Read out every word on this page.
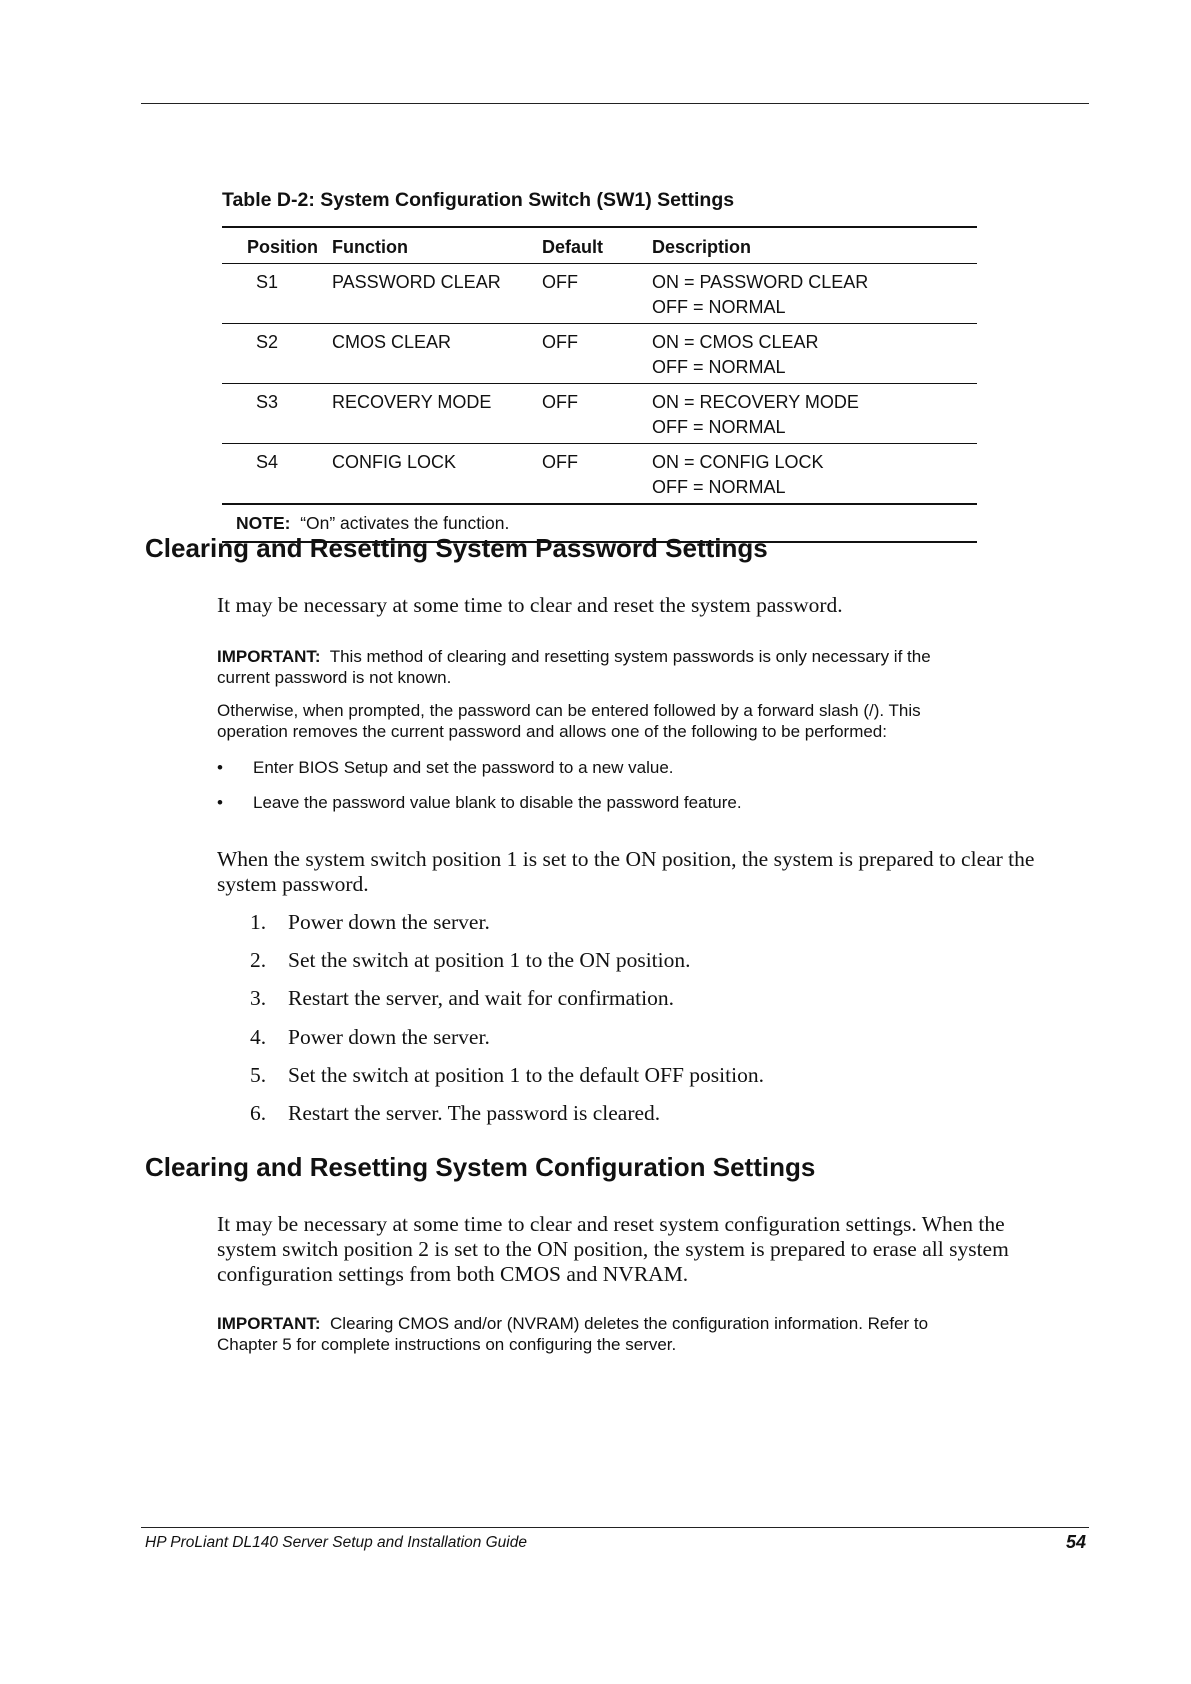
Table D-2: System Configuration Switch (SW1) Settings
Position	Function	Default	Description
S1	PASSWORD CLEAR	OFF	ON = PASSWORD CLEAR
OFF = NORMAL

S2	CMOS CLEAR	OFF	ON = CMOS CLEAR
OFF = NORMAL

S3	RECOVERY MODE	OFF	ON = RECOVERY MODE
OFF = NORMAL

S4	CONFIG LOCK	OFF	ON = CONFIG LOCK
OFF = NORMAL

NOTE: “On” activates the function.			
Clearing and Resetting System Password Settings

It may be necessary at some time to clear and reset the system password.

IMPORTANT: This method of clearing and resetting system passwords is only necessary if the current password is not known.

Otherwise, when prompted, the password can be entered followed by a forward slash (/). This operation removes the current password and allows one of the following to be performed:

• Enter BIOS Setup and set the password to a new value.
• Leave the password value blank to disable the password feature.

When the system switch position 1 is set to the ON position, the system is prepared to clear the system password.

1. Power down the server.
2. Set the switch at position 1 to the ON position.
3. Restart the server, and wait for confirmation.
4. Power down the server.
5. Set the switch at position 1 to the default OFF position.
6. Restart the server. The password is cleared.
Clearing and Resetting System Configuration Settings

It may be necessary at some time to clear and reset system configuration settings. When the system switch position 2 is set to the ON position, the system is prepared to erase all system configuration settings from both CMOS and NVRAM.

IMPORTANT: Clearing CMOS and/or (NVRAM) deletes the configuration information. Refer to Chapter 5 for complete instructions on configuring the server.

HP ProLiant DL140 Server Setup and Installation Guide	54
